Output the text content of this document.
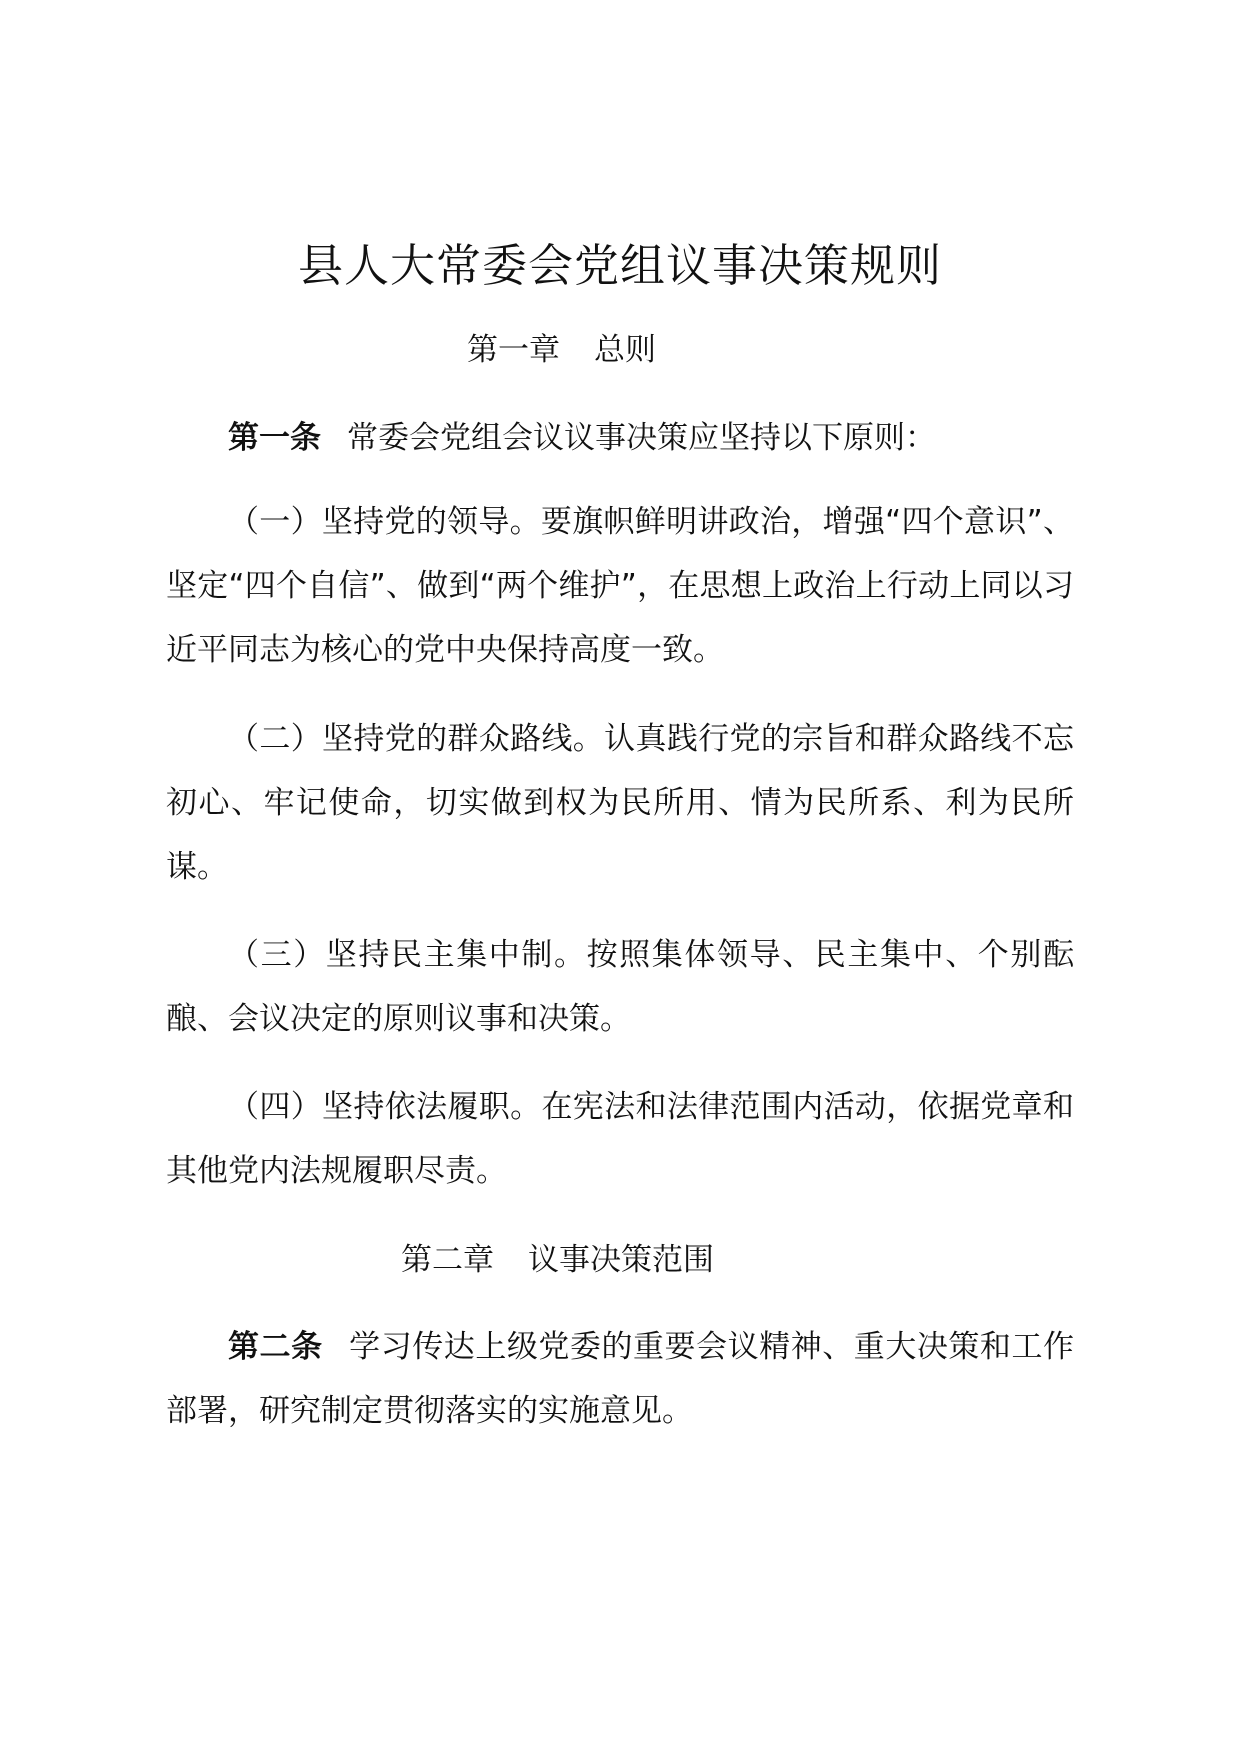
县人大常委会党组议事决策规则
第一章 总则

第一条 常委会党组会议议事决策应坚持以下原则：

（一）坚持党的领导。要旗帜鲜明讲政治，增强“四个意识”、坚定“四个自信”、做到“两个维护”，在思想上政治上行动上同以习近平同志为核心的党中央保持高度一致。

（二）坚持党的群众路线。认真践行党的宗旨和群众路线不忘初心、牢记使命，切实做到权为民所用、情为民所系、利为民所谋。

（三）坚持民主集中制。按照集体领导、民主集中、个别酝酿、会议决定的原则议事和决策。

（四）坚持依法履职。在宪法和法律范围内活动，依据党章和其他党内法规履职尽责。

第二章 议事决策范围

第二条 学习传达上级党委的重要会议精神、重大决策和工作部署，研究制定贯彻落实的实施意见。
